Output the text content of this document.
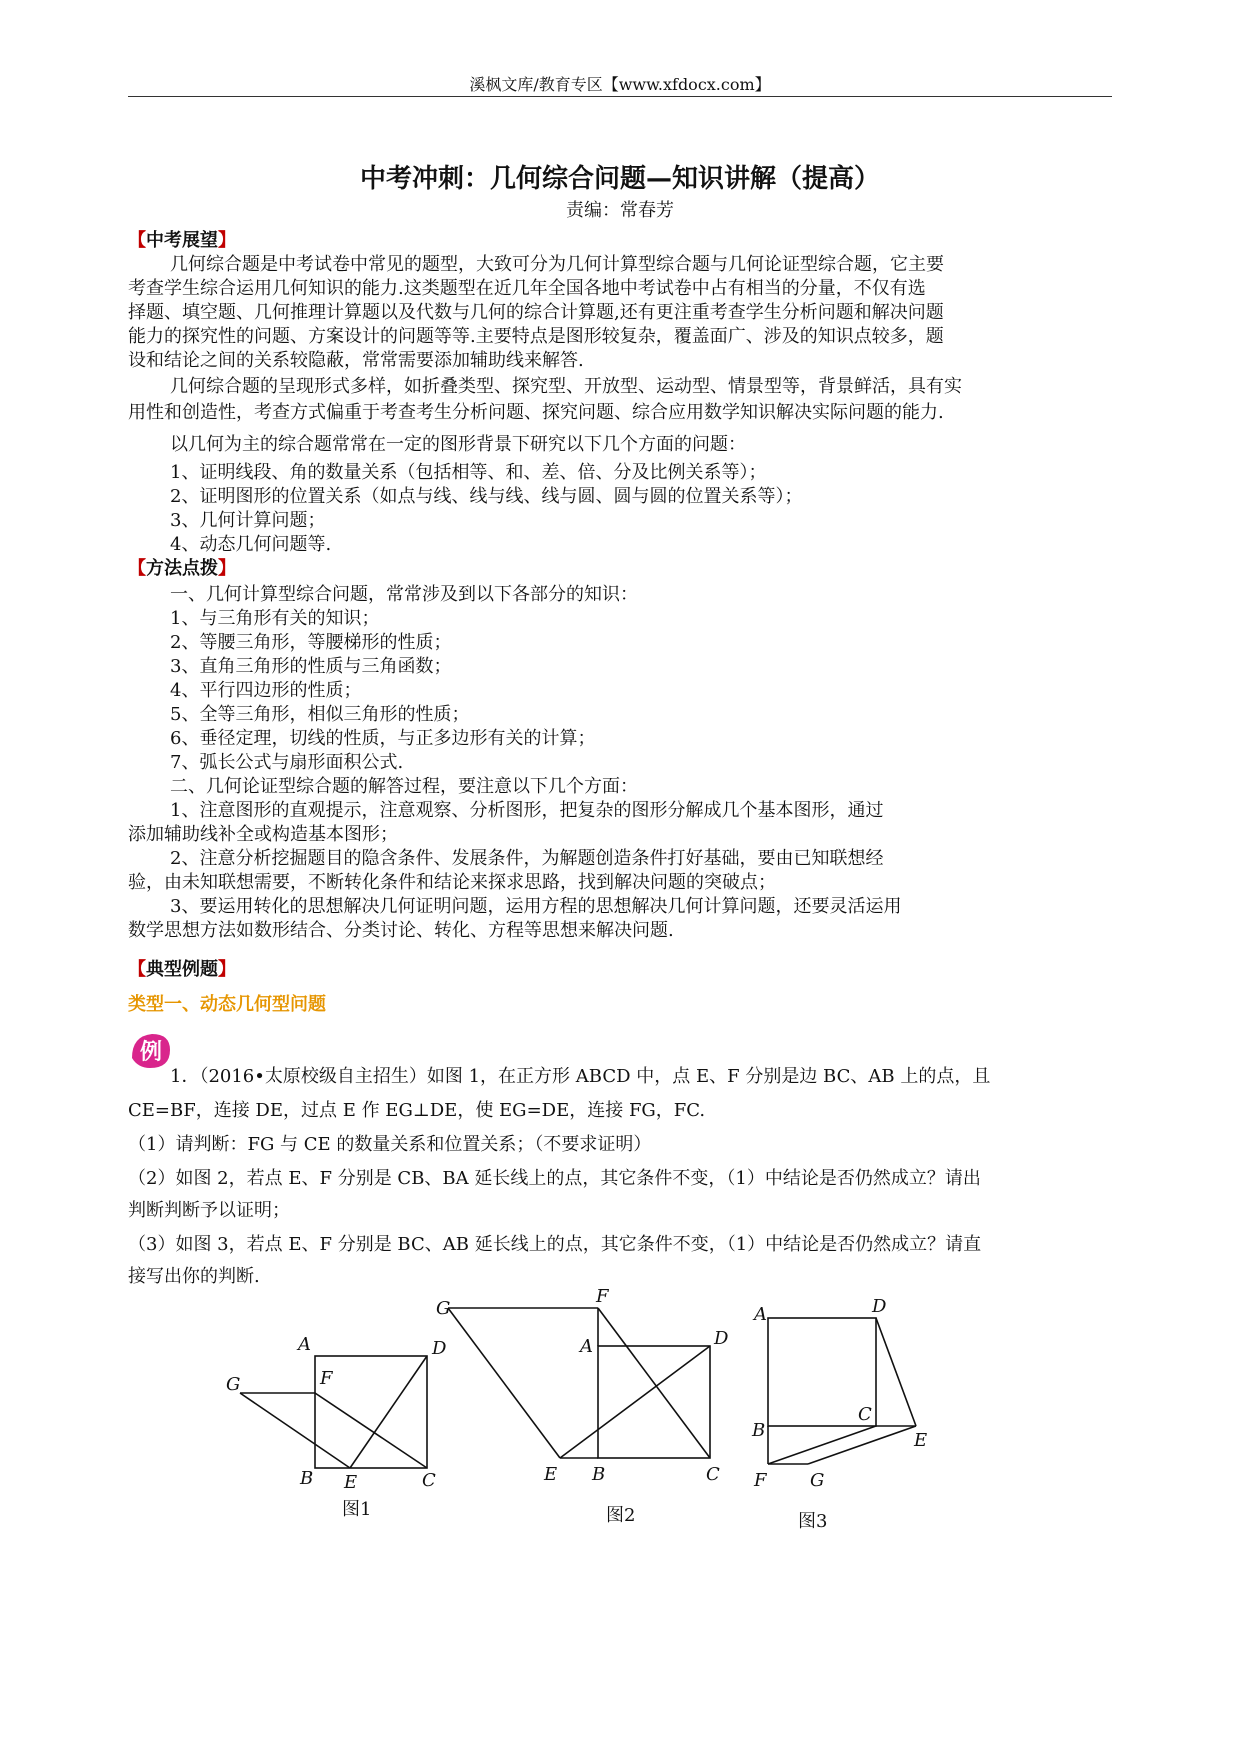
溪枫文库/教育专区【www.xfdocx.com】
中考冲刺：几何综合问题—知识讲解（提高）
责编：常春芳
【中考展望】
几何综合题是中考试卷中常见的题型，大致可分为几何计算型综合题与几何论证型综合题，它主要
考查学生综合运用几何知识的能力.这类题型在近几年全国各地中考试卷中占有相当的分量，不仅有选
择题、填空题、几何推理计算题以及代数与几何的综合计算题,还有更注重考查学生分析问题和解决问题
能力的探究性的问题、方案设计的问题等等.主要特点是图形较复杂，覆盖面广、涉及的知识点较多，题
设和结论之间的关系较隐蔽，常常需要添加辅助线来解答.
几何综合题的呈现形式多样，如折叠类型、探究型、开放型、运动型、情景型等，背景鲜活，具有实
用性和创造性，考查方式偏重于考查考生分析问题、探究问题、综合应用数学知识解决实际问题的能力.
以几何为主的综合题常常在一定的图形背景下研究以下几个方面的问题：
1、证明线段、角的数量关系（包括相等、和、差、倍、分及比例关系等）；
2、证明图形的位置关系（如点与线、线与线、线与圆、圆与圆的位置关系等）；
3、几何计算问题；
4、动态几何问题等.
【方法点拨】
一、几何计算型综合问题，常常涉及到以下各部分的知识：
1、与三角形有关的知识；
2、等腰三角形，等腰梯形的性质；
3、直角三角形的性质与三角函数；
4、平行四边形的性质；
5、全等三角形，相似三角形的性质；
6、垂径定理，切线的性质，与正多边形有关的计算；
7、弧长公式与扇形面积公式.
二、几何论证型综合题的解答过程，要注意以下几个方面：
1、注意图形的直观提示，注意观察、分析图形，把复杂的图形分解成几个基本图形，通过
添加辅助线补全或构造基本图形；
2、注意分析挖掘题目的隐含条件、发展条件，为解题创造条件打好基础，要由已知联想经
验，由未知联想需要，不断转化条件和结论来探求思路，找到解决问题的突破点；
3、要运用转化的思想解决几何证明问题，运用方程的思想解决几何计算问题，还要灵活运用
数学思想方法如数形结合、分类讨论、转化、方程等思想来解决问题.
【典型例题】
类型一、动态几何型问题
例
1．（2016•太原校级自主招生）如图 1，在正方形 ABCD 中，点 E、F 分别是边 BC、AB 上的点，且
CE=BF，连接 DE，过点 E 作 EG⊥DE，使 EG=DE，连接 FG，FC.
（1）请判断：FG 与 CE 的数量关系和位置关系；（不要求证明）
（2）如图 2，若点 E、F 分别是 CB、BA 延长线上的点，其它条件不变，（1）中结论是否仍然成立？请出
判断判断予以证明；
（3）如图 3，若点 E、F 分别是 BC、AB 延长线上的点，其它条件不变，（1）中结论是否仍然成立？请直
接写出你的判断.
A
B	C
D
E
F
G
图1
A
B	C
D
E
F
G
图2
A
B
C
D
E
F G
图3
